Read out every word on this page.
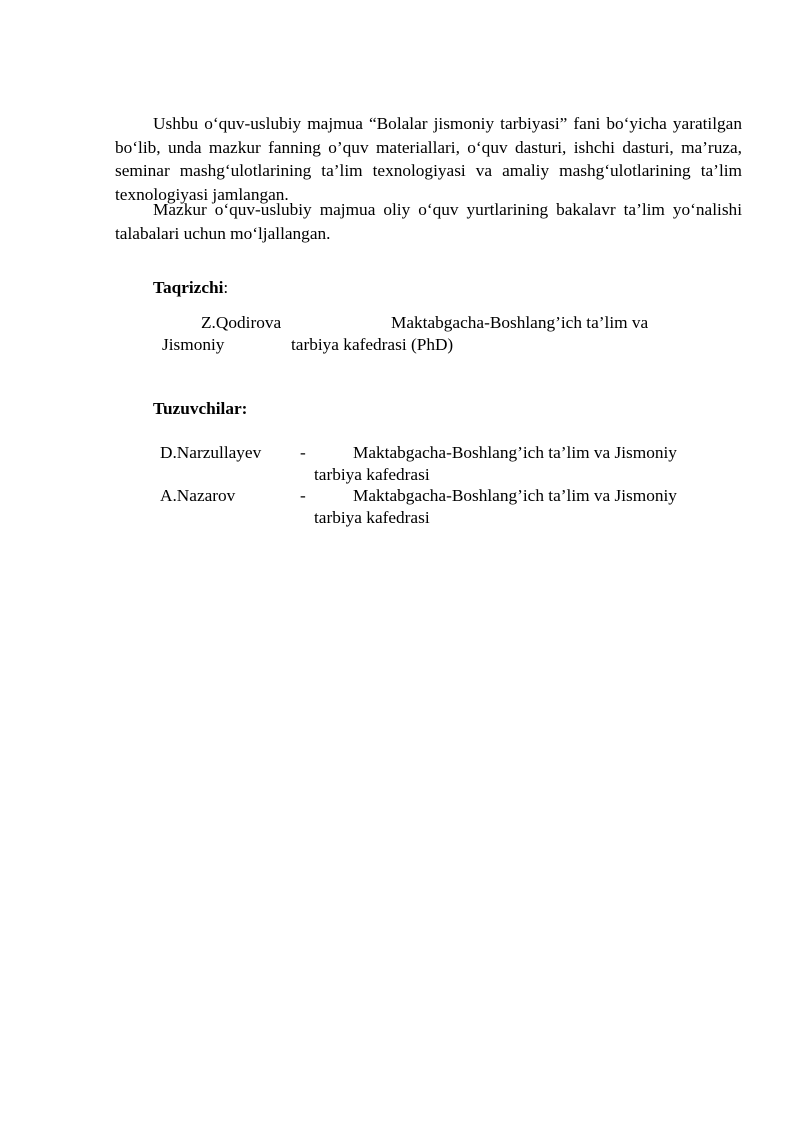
Ushbu o‘quv-uslubiy majmua “Bolalar jismoniy tarbiyasi” fani bo‘yicha yaratilgan bo‘lib, unda mazkur fanning o’quv materiallari, o‘quv dasturi, ishchi dasturi, ma’ruza, seminar mashg‘ulotlarining ta’lim texnologiyasi va amaliy mashg‘ulotlarining ta’lim texnologiyasi jamlangan.

Mazkur o‘quv-uslubiy majmua oliy o‘quv yurtlarining bakalavr ta’lim yo‘nalishi talabalari uchun mo‘ljallangan.

Taqrizchi:
Z.Qodirova	Maktabgacha-Boshlang’ich ta’lim va
Jismoniy	tarbiya kafedrasi (PhD)
Tuzuvchilar:
D.Narzullayev -	Maktabgacha-Boshlang’ich ta’lim va Jismoniy
tarbiya kafedrasi
A.Nazarov	-	Maktabgacha-Boshlang’ich ta’lim va Jismoniy
tarbiya kafedrasi
